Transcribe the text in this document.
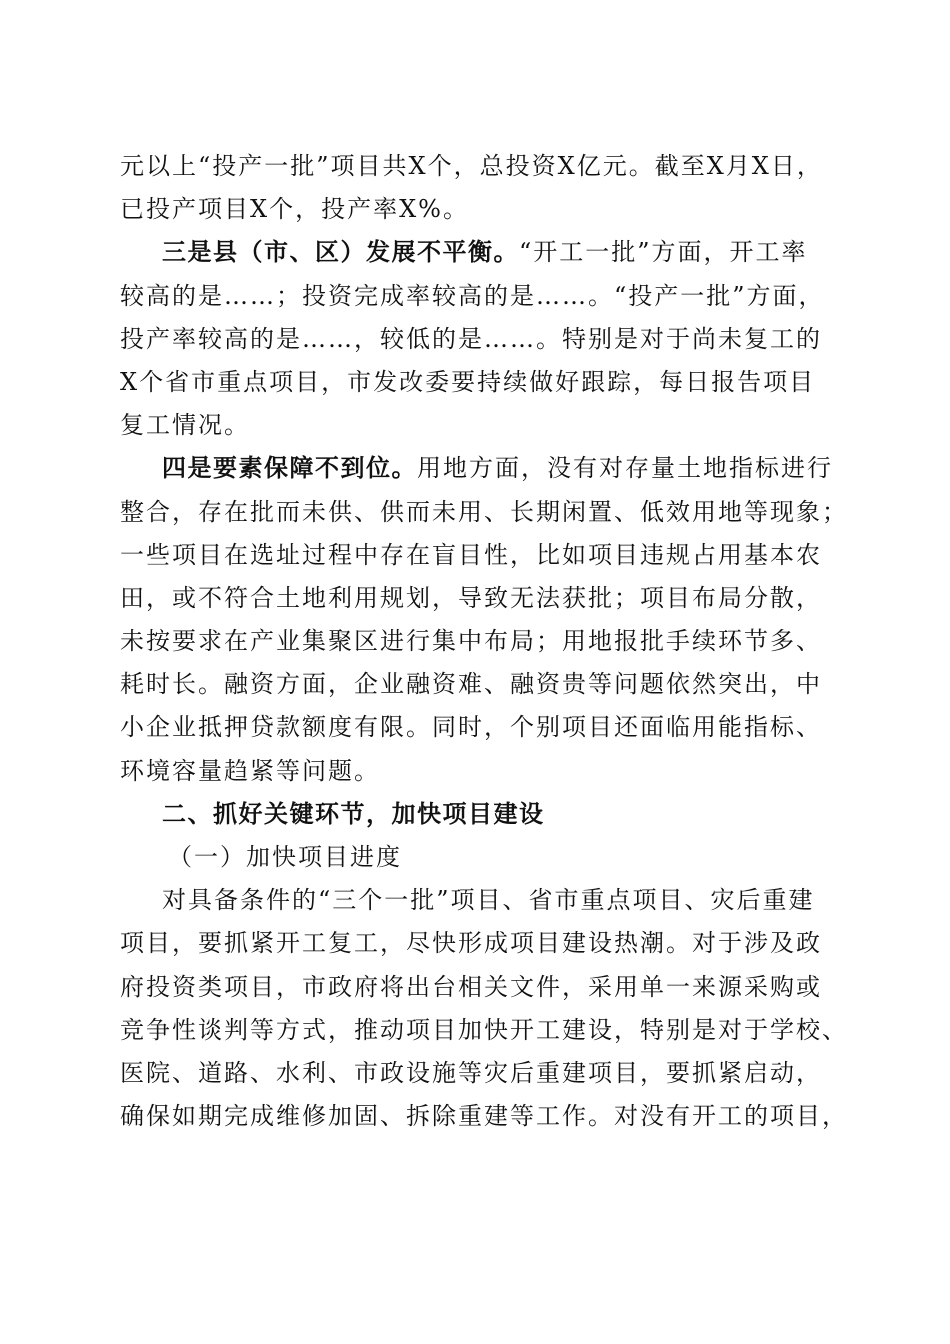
元以上“投产一批”项目共X个，总投资X亿元。截至X月X日，
已投产项目X个，投产率X%。
三是县（市、区）发展不平衡。“开工一批”方面，开工率
较高的是……；投资完成率较高的是……。“投产一批”方面，
投产率较高的是……，较低的是……。特别是对于尚未复工的
X个省市重点项目，市发改委要持续做好跟踪，每日报告项目
复工情况。
四是要素保障不到位。用地方面，没有对存量土地指标进行
整合，存在批而未供、供而未用、长期闲置、低效用地等现象；
一些项目在选址过程中存在盲目性，比如项目违规占用基本农
田，或不符合土地利用规划，导致无法获批；项目布局分散，
未按要求在产业集聚区进行集中布局；用地报批手续环节多、
耗时长。融资方面，企业融资难、融资贵等问题依然突出，中
小企业抵押贷款额度有限。同时，个别项目还面临用能指标、
环境容量趋紧等问题。
二、抓好关键环节，加快项目建设
（一）加快项目进度
对具备条件的“三个一批”项目、省市重点项目、灾后重建
项目，要抓紧开工复工，尽快形成项目建设热潮。对于涉及政
府投资类项目，市政府将出台相关文件，采用单一来源采购或
竞争性谈判等方式，推动项目加快开工建设，特别是对于学校、
医院、道路、水利、市政设施等灾后重建项目，要抓紧启动，
确保如期完成维修加固、拆除重建等工作。对没有开工的项目，
